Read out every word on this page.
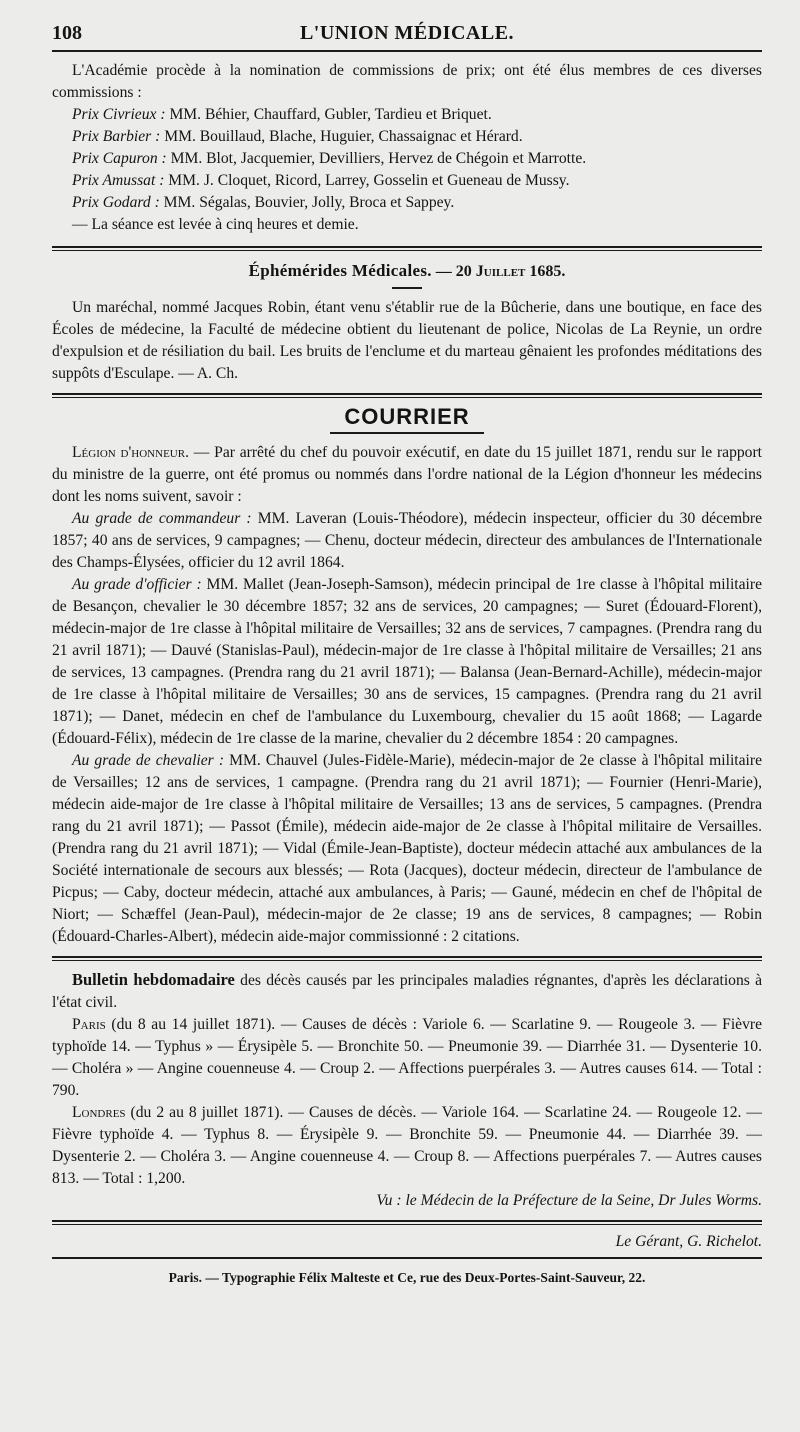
108	L'UNION MÉDICALE.

L'Académie procède à la nomination de commissions de prix; ont été élus membres de ces diverses commissions :

Prix Civrieux : MM. Béhier, Chauffard, Gubler, Tardieu et Briquet.

Prix Barbier : MM. Bouillaud, Blache, Huguier, Chassaignac et Hérard.

Prix Capuron : MM. Blot, Jacquemier, Devilliers, Hervez de Chégoin et Marrotte.

Prix Amussat : MM. J. Cloquet, Ricord, Larrey, Gosselin et Gueneau de Mussy.

Prix Godard : MM. Ségalas, Bouvier, Jolly, Broca et Sappey.

— La séance est levée à cinq heures et demie.

Éphémérides Médicales. — 20 Juillet 1685.

Un maréchal, nommé Jacques Robin, étant venu s'établir rue de la Bûcherie, dans une boutique, en face des Écoles de médecine, la Faculté de médecine obtient du lieutenant de police, Nicolas de La Reynie, un ordre d'expulsion et de résiliation du bail. Les bruits de l'enclume et du marteau gênaient les profondes méditations des suppôts d'Esculape. — A. Ch.

COURRIER

Légion d'honneur. — Par arrêté du chef du pouvoir exécutif, en date du 15 juillet 1871, rendu sur le rapport du ministre de la guerre, ont été promus ou nommés dans l'ordre national de la Légion d'honneur les médecins dont les noms suivent, savoir :

Au grade de commandeur : MM. Laveran (Louis-Théodore), médecin inspecteur, officier du 30 décembre 1857; 40 ans de services, 9 campagnes; — Chenu, docteur médecin, directeur des ambulances de l'Internationale des Champs-Élysées, officier du 12 avril 1864.

Au grade d'officier : MM. Mallet (Jean-Joseph-Samson), médecin principal de 1re classe à l'hôpital militaire de Besançon, chevalier le 30 décembre 1857; 32 ans de services, 20 campagnes; — Suret (Édouard-Florent), médecin-major de 1re classe à l'hôpital militaire de Versailles; 32 ans de services, 7 campagnes. (Prendra rang du 21 avril 1871); — Dauvé (Stanislas-Paul), médecin-major de 1re classe à l'hôpital militaire de Versailles; 21 ans de services, 13 campagnes. (Prendra rang du 21 avril 1871); — Balansa (Jean-Bernard-Achille), médecin-major de 1re classe à l'hôpital militaire de Versailles; 30 ans de services, 15 campagnes. (Prendra rang du 21 avril 1871); — Danet, médecin en chef de l'ambulance du Luxembourg, chevalier du 15 août 1868; — Lagarde (Édouard-Félix), médecin de 1re classe de la marine, chevalier du 2 décembre 1854 : 20 campagnes.

Au grade de chevalier : MM. Chauvel (Jules-Fidèle-Marie), médecin-major de 2e classe à l'hôpital militaire de Versailles; 12 ans de services, 1 campagne. (Prendra rang du 21 avril 1871); — Fournier (Henri-Marie), médecin aide-major de 1re classe à l'hôpital militaire de Versailles; 13 ans de services, 5 campagnes. (Prendra rang du 21 avril 1871); — Passot (Émile), médecin aide-major de 2e classe à l'hôpital militaire de Versailles. (Prendra rang du 21 avril 1871); — Vidal (Émile-Jean-Baptiste), docteur médecin attaché aux ambulances de la Société internationale de secours aux blessés; — Rota (Jacques), docteur médecin, directeur de l'ambulance de Picpus; — Caby, docteur médecin, attaché aux ambulances, à Paris; — Gauné, médecin en chef de l'hôpital de Niort; — Schæffel (Jean-Paul), médecin-major de 2e classe; 19 ans de services, 8 campagnes; — Robin (Édouard-Charles-Albert), médecin aide-major commissionné : 2 citations.

Bulletin hebdomadaire des décès causés par les principales maladies régnantes, d'après les déclarations à l'état civil.

Paris (du 8 au 14 juillet 1871). — Causes de décès : Variole 6. — Scarlatine 9. — Rougeole 3. — Fièvre typhoïde 14. — Typhus » — Érysipèle 5. — Bronchite 50. — Pneumonie 39. — Diarrhée 31. — Dysenterie 10. — Choléra » — Angine couenneuse 4. — Croup 2. — Affections puerpérales 3. — Autres causes 614. — Total : 790.

Londres (du 2 au 8 juillet 1871). — Causes de décès. — Variole 164. — Scarlatine 24. — Rougeole 12. — Fièvre typhoïde 4. — Typhus 8. — Érysipèle 9. — Bronchite 59. — Pneumonie 44. — Diarrhée 39. — Dysenterie 2. — Choléra 3. — Angine couenneuse 4. — Croup 8. — Affections puerpérales 7. — Autres causes 813. — Total : 1,200.

Vu : le Médecin de la Préfecture de la Seine, Dr Jules Worms.

Le Gérant, G. Richelot.

Paris. — Typographie Félix Malteste et Ce, rue des Deux-Portes-Saint-Sauveur, 22.
